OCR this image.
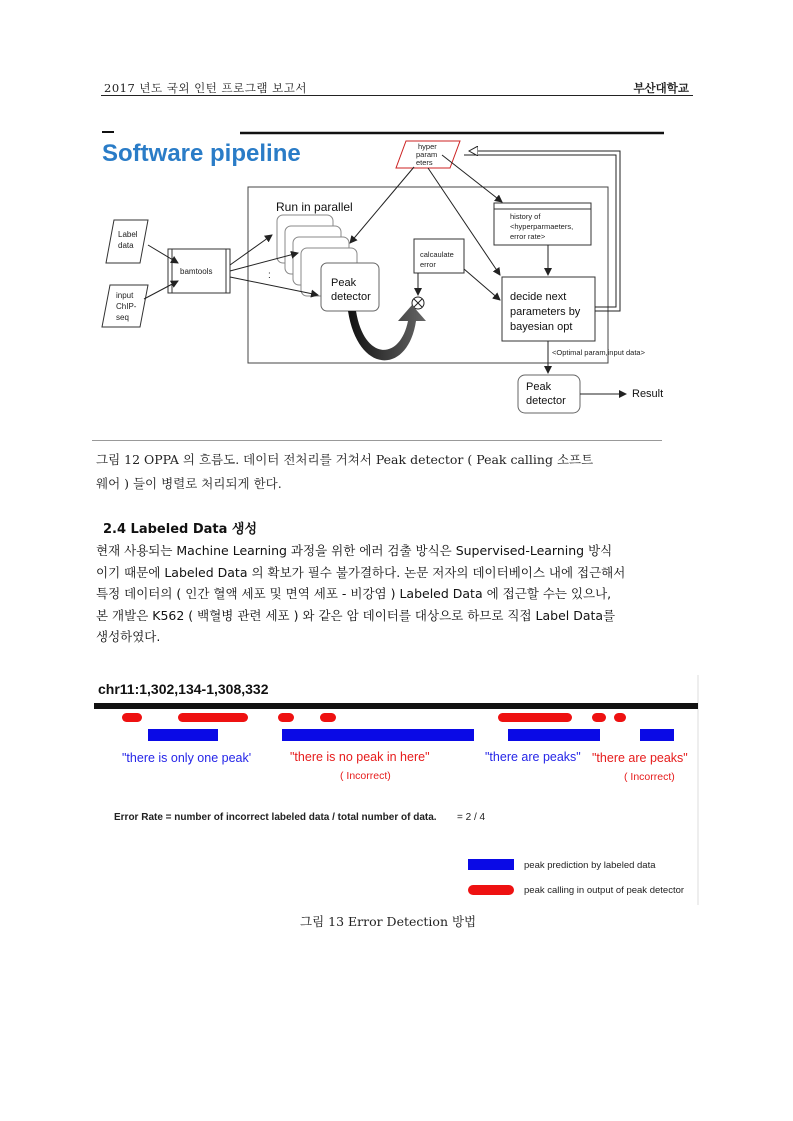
2017 년도 국외 인턴 프로그램 보고서	부산대학교
Software pipeline
Label data
input ChIP- seq
bamtools
Run in parallel
Peak detector
:
hyper param eters
history of <hyperparmaeters, error rate>
calcaulate error
decide next parameters by bayesian opt
<Optimal param,input data>
Peak detector
Result
그림 12 OPPA 의 흐름도. 데이터 전처리를 거쳐서 Peak detector ( Peak calling 소프트
웨어 ) 들이 병렬로 처리되게 한다.
2.4 Labeled Data 생성
현재 사용되는 Machine Learning 과정을 위한 에러 검출 방식은 Supervised-Learning 방식
이기 때문에 Labeled Data 의 확보가 필수 불가결하다. 논문 저자의 데이터베이스 내에 접근해서
특정 데이터의 ( 인간 혈액 세포 및 면역 세포 - 비강염 ) Labeled Data 에 접근할 수는 있으나,
본 개발은 K562 ( 백혈병 관련 세포 ) 와 같은 암 데이터를 대상으로 하므로 직접 Label Data를
생성하였다.
chr11:1,302,134-1,308,332
"there is only one peak'	"there is no peak in here"	"there are peaks" "there are peaks"
( Incorrect)	( Incorrect)
Error Rate = number of incorrect labeled data / total number of data. = 2 / 4
peak prediction by labeled data
peak calling in output of peak detector
그림 13 Error Detection 방법
